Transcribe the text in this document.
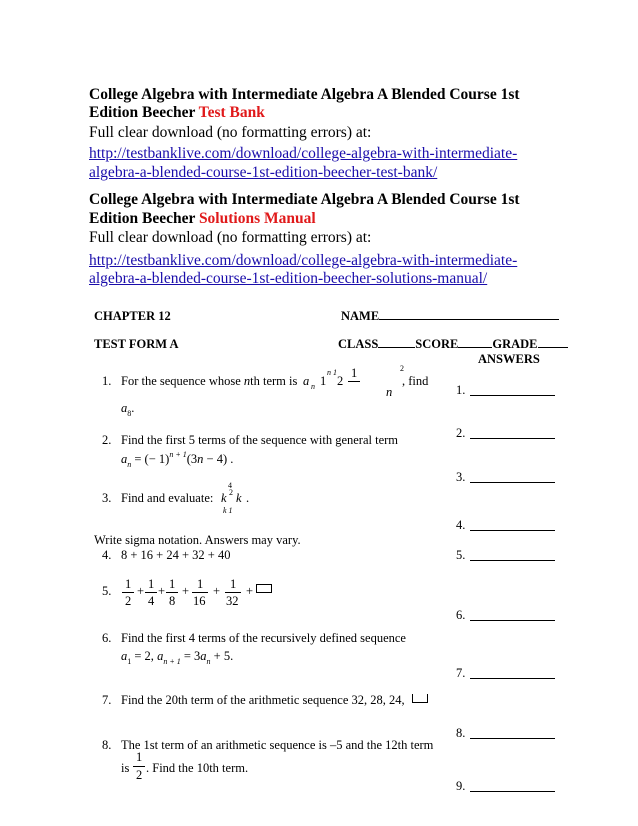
College Algebra with Intermediate Algebra A Blended Course 1st
Edition Beecher Test Bank
Full clear download (no formatting errors) at:
http://testbanklive.com/download/college-algebra-with-intermediate-
algebra-a-blended-course-1st-edition-beecher-test-bank/
College Algebra with Intermediate Algebra A Blended Course 1st
Edition Beecher Solutions Manual
Full clear download (no formatting errors) at:
http://testbanklive.com/download/college-algebra-with-intermediate-
algebra-a-blended-course-1st-edition-beecher-solutions-manual/
CHAPTER 12	NAME
TEST FORM A	CLASS	SCORE	GRADE
ANSWERS
1. For the sequence whose nth term is a n 1
n 1
2
1	2
n
, find
$a_8$.
2. Find the first 5 terms of the sequence with general term
$a_n$ = (− 1)$^{n + 1}$(3n − 4) .
3. Find and evaluate:
4
k 2 k
k 1
.
Write sigma notation. Answers may vary.
4. 8 + 16 + 24 + 32 + 40
5. 1
2
+ 1
4
+ 1
8
+ 1
16
+ 1
32
+
6. Find the first 4 terms of the recursively defined sequence
$a_1 = 2$, $a_{n + 1} = 3a_n + 5$.
7. Find the 20th term of the arithmetic sequence 32, 28, 24,
8. The 1st term of an arithmetic sequence is –5 and the 12th term
is
1
2 . Find the 10th term.
1.
2.
3.
4.
5.
6.
7.
8.
9.
